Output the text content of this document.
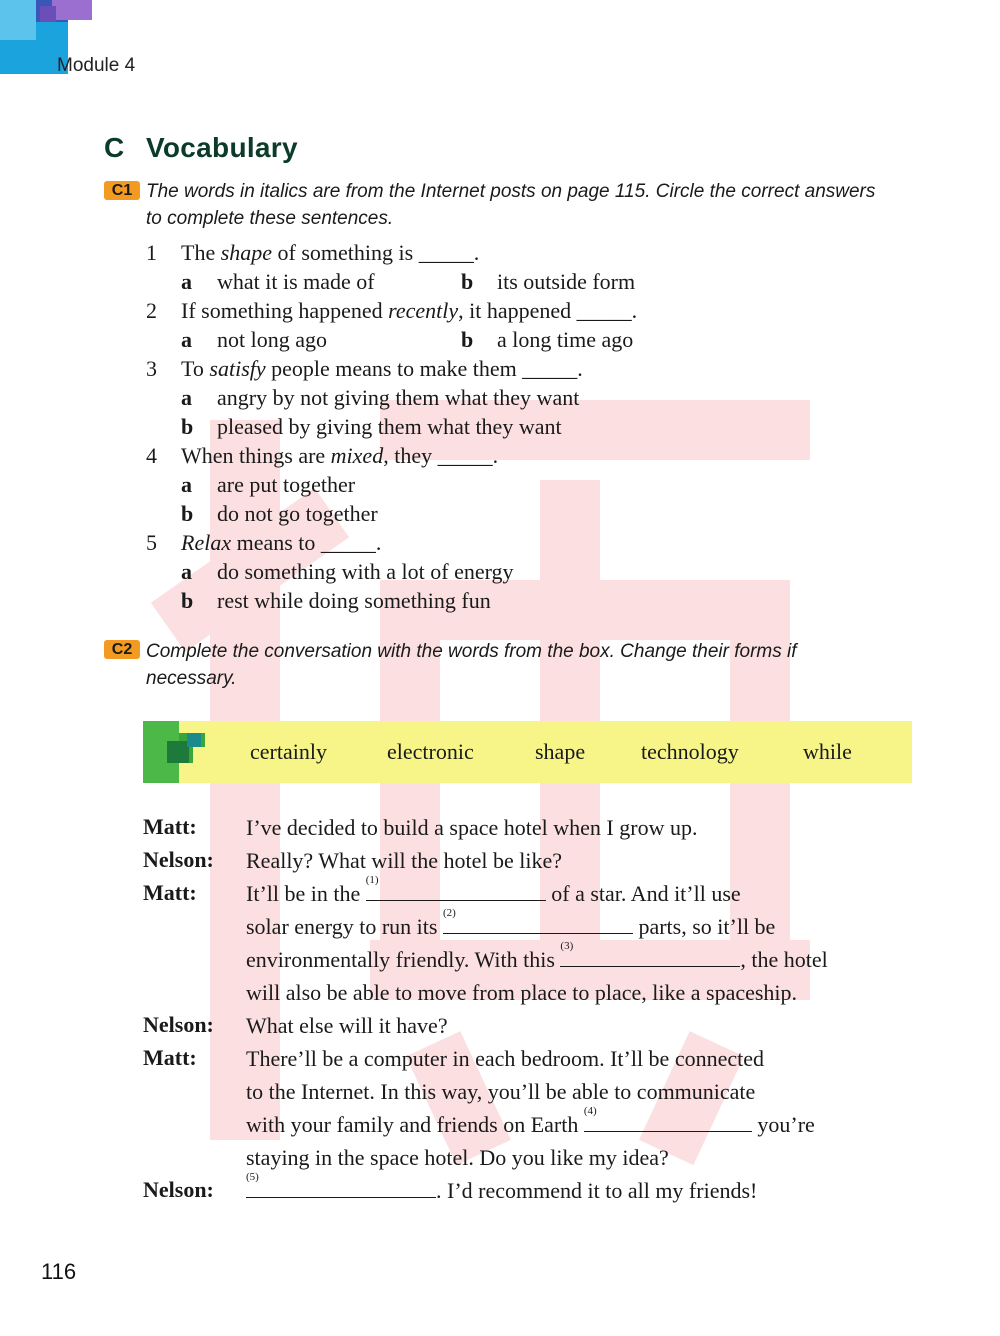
Module 4
C Vocabulary
C1 The words in italics are from the Internet posts on page 115. Circle the correct answers to complete these sentences.
1 The shape of something is _____.
a what it is made of	b its outside form
2 If something happened recently, it happened _____.
a not long ago	b a long time ago
3 To satisfy people means to make them _____.
a angry by not giving them what they want
b pleased by giving them what they want
4 When things are mixed, they _____.
a are put together
b do not go together
5 Relax means to _____.
a do something with a lot of energy
b rest while doing something fun
C2 Complete the conversation with the words from the box. Change their forms if necessary.
certainly	electronic	shape	technology	while
Matt: I’ve decided to build a space hotel when I grow up.
Nelson: Really? What will the hotel be like?
Matt: It’ll be in the
(1)
of a star. And it’ll use
solar energy to run its
(2)
parts, so it’ll be
environmentally friendly. With this
(3)
, the hotel
will also be able to move from place to place, like a spaceship.
Nelson: What else will it have?
Matt: There’ll be a computer in each bedroom. It’ll be connected
to the Internet. In this way, you’ll be able to communicate
with your family and friends on Earth
(4)
you’re
staying in the space hotel. Do you like my idea?
Nelson:	(5)
. I’d recommend it to all my friends!
116
